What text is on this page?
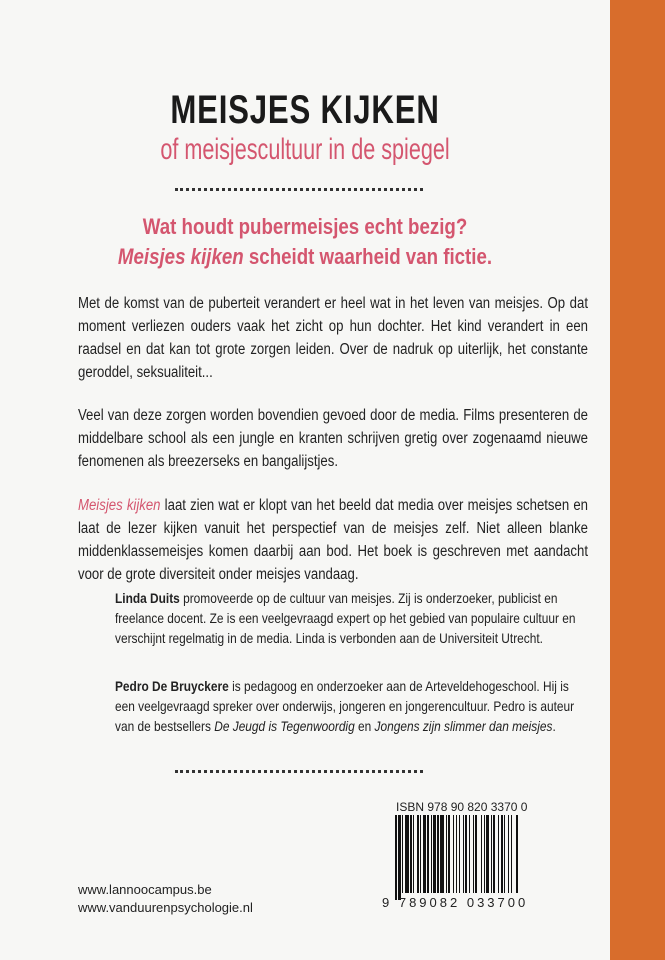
MEISJES KIJKEN
of meisjescultuur in de spiegel
Wat houdt pubermeisjes echt bezig?
Meisjes kijken scheidt waarheid van fictie.
Met de komst van de puberteit verandert er heel wat in het leven van meisjes. Op dat moment verliezen ouders vaak het zicht op hun dochter. Het kind verandert in een raadsel en dat kan tot grote zorgen leiden. Over de nadruk op uiterlijk, het constante geroddel, seksualiteit...
Veel van deze zorgen worden bovendien gevoed door de media. Films presenteren de middelbare school als een jungle en kranten schrijven gretig over zogenaamd nieuwe fenomenen als breezerseks en bangalijstjes.
Meisjes kijken laat zien wat er klopt van het beeld dat media over meisjes schetsen en laat de lezer kijken vanuit het perspectief van de meisjes zelf. Niet alleen blanke middenklassemeisjes komen daarbij aan bod. Het boek is geschreven met aandacht voor de grote diversiteit onder meisjes vandaag.
Linda Duits promoveerde op de cultuur van meisjes. Zij is onderzoeker, publicist en freelance docent. Ze is een veelgevraagd expert op het gebied van populaire cultuur en verschijnt regelmatig in de media. Linda is verbonden aan de Universiteit Utrecht.
Pedro De Bruyckere is pedagoog en onderzoeker aan de Arteveldehogeschool. Hij is een veelgevraagd spreker over onderwijs, jongeren en jongerencultuur. Pedro is auteur van de bestsellers De Jeugd is Tegenwoordig en Jongens zijn slimmer dan meisjes.
ISBN 978 90 820 3370 0
9 789082 033700
www.lannoocampus.be
www.vanduurenpsychologie.nl
